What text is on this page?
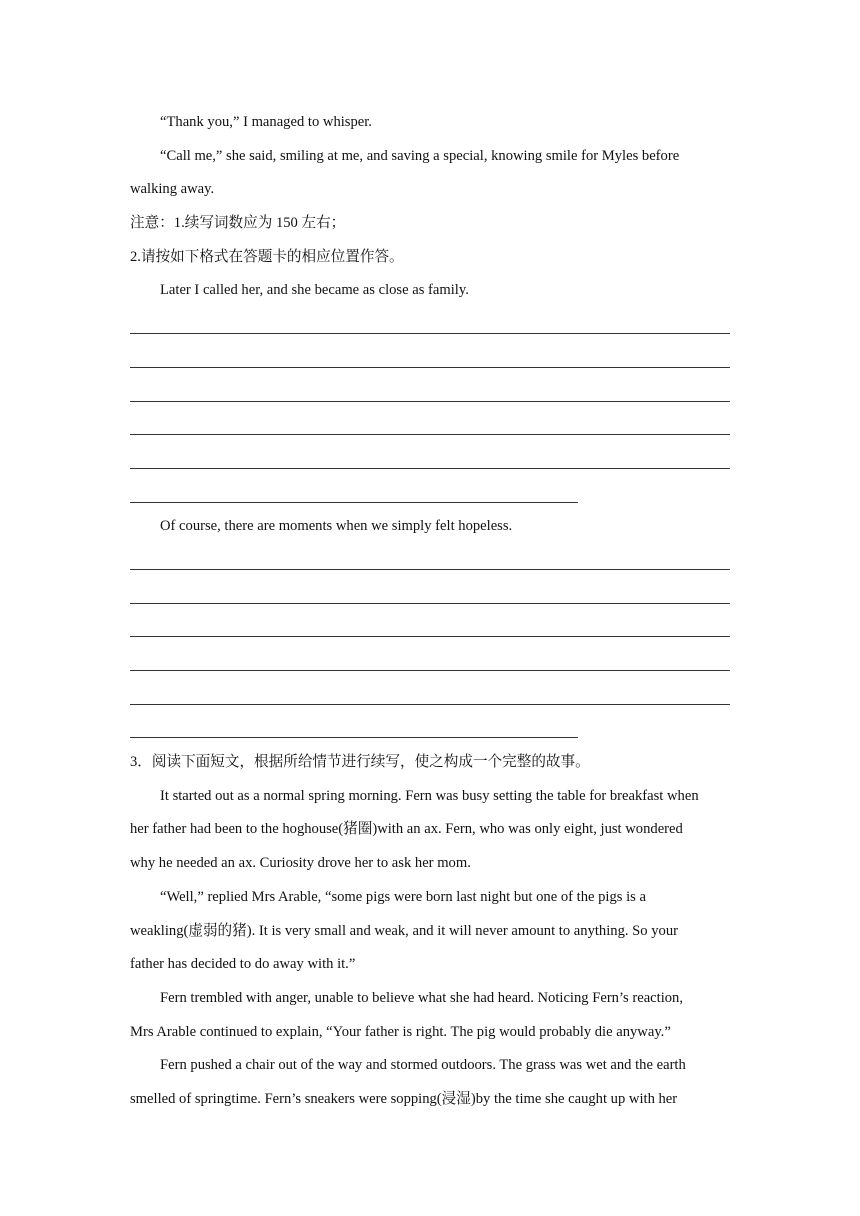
“Thank you,” I managed to whisper.
“Call me,” she said, smiling at me, and saving a special, knowing smile for Myles before
walking away.
注意：1.续写词数应为 150 左右；
2.请按如下格式在答题卡的相应位置作答。
Later I called her, and she became as close as family.
Of course, there are moments when we simply felt hopeless.
3．阅读下面短文，根据所给情节进行续写，使之构成一个完整的故事。
It started out as a normal spring morning. Fern was busy setting the table for breakfast when
her father had been to the hoghouse(猪圈)with an ax. Fern, who was only eight, just wondered
why he needed an ax. Curiosity drove her to ask her mom.
“Well,” replied Mrs Arable, “some pigs were born last night but one of the pigs is a
weakling(虚弱的猪). It is very small and weak, and it will never amount to anything. So your
father has decided to do away with it.”
Fern trembled with anger, unable to believe what she had heard. Noticing Fern’s reaction,
Mrs Arable continued to explain, “Your father is right. The pig would probably die anyway.”
Fern pushed a chair out of the way and stormed outdoors. The grass was wet and the earth
smelled of springtime. Fern’s sneakers were sopping(浸湿)by the time she caught up with her
